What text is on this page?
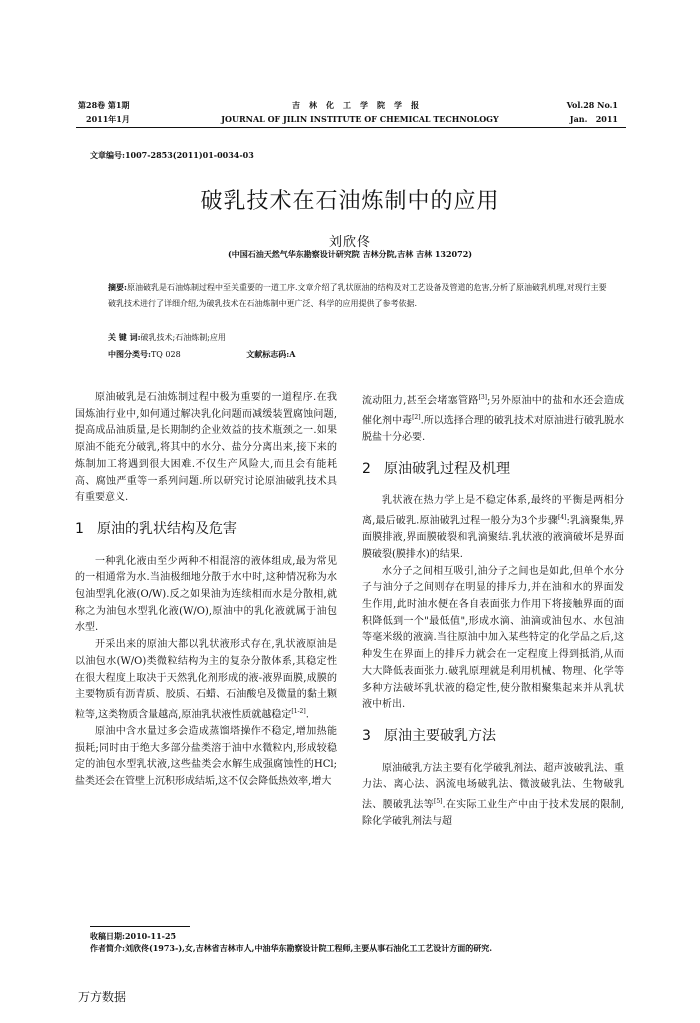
第28卷 第1期
2011年1月
吉林化工学院学报
JOURNAL OF JILIN INSTITUTE OF CHEMICAL TECHNOLOGY
Vol.28 No.1
Jan.   2011
文章编号:1007-2853(2011)01-0034-03
破乳技术在石油炼制中的应用
刘欣佟
(中国石油天然气华东勘察设计研究院 吉林分院,吉林 吉林 132072)
摘要:原油破乳是石油炼制过程中至关重要的一道工序.文章介绍了乳状原油的结构及对工艺设备及管道的危害,分析了原油破乳机理,对现行主要破乳技术进行了详细介绍,为破乳技术在石油炼制中更广泛、科学的应用提供了参考依据.
关 键 词:破乳技术;石油炼制;应用
中图分类号:TQ 028	文献标志码:A

原油破乳是石油炼制过程中极为重要的一道程序.在我国炼油行业中,如何通过解决乳化问题而减缓装置腐蚀问题,提高成品油质量,是长期制约企业效益的技术瓶颈之一.如果原油不能充分破乳,将其中的水分、盐分分离出来,接下来的炼制加工将遇到很大困难.不仅生产风险大,而且会有能耗高、腐蚀严重等一系列问题.所以研究讨论原油破乳技术具有重要意义.

1 原油的乳状结构及危害

一种乳化液由至少两种不相混溶的液体组成,最为常见的一相通常为水.当油极细地分散于水中时,这种情况称为水包油型乳化液(O/W).反之如果油为连续相而水是分散相,就称之为油包水型乳化液(W/O),原油中的乳化液就属于油包水型.

开采出来的原油大都以乳状液形式存在,乳状液原油是以油包水(W/O)类微粒结构为主的复杂分散体系,其稳定性在很大程度上取决于天然乳化剂形成的液-液界面膜,成膜的主要物质有沥青质、胶质、石蜡、石油酸皂及微量的黏土颗粒等,这类物质含量越高,原油乳状液性质就越稳定[1-2].

原油中含水量过多会造成蒸馏塔操作不稳定,增加热能损耗;同时由于绝大多部分盐类溶于油中水微粒内,形成较稳定的油包水型乳状液,这些盐类会水解生成强腐蚀性的HCl;盐类还会在管壁上沉积形成结垢,这不仅会降低热效率,增大

流动阻力,甚至会堵塞管路[3];另外原油中的盐和水还会造成催化剂中毒[2].所以选择合理的破乳技术对原油进行破乳脱水脱盐十分必要.

2 原油破乳过程及机理

乳状液在热力学上是不稳定体系,最终的平衡是两相分离,最后破乳.原油破乳过程一般分为3个步骤[4]:乳滴聚集,界面膜排液,界面膜破裂和乳滴聚结.乳状液的液滴破坏是界面膜破裂(膜排水)的结果.

水分子之间相互吸引,油分子之间也是如此,但单个水分子与油分子之间则存在明显的排斥力,并在油和水的界面发生作用,此时油水便在各自表面张力作用下将接触界面的面积降低到一个"最低值",形成水滴、油滴或油包水、水包油等毫米级的液滴.当往原油中加入某些特定的化学品之后,这种发生在界面上的排斥力就会在一定程度上得到抵消,从而大大降低表面张力.破乳原理就是利用机械、物理、化学等多种方法破坏乳状液的稳定性,使分散相聚集起来并从乳状液中析出.

3 原油主要破乳方法

原油破乳方法主要有化学破乳剂法、超声波破乳法、重力法、离心法、涡流电场破乳法、微波破乳法、生物破乳法、膜破乳法等[5].在实际工业生产中由于技术发展的限制,除化学破乳剂法与超

收稿日期:2010-11-25
作者简介:刘欣佟(1973-),女,吉林省吉林市人,中油华东勘察设计院工程师,主要从事石油化工工艺设计方面的研究.
万方数据
